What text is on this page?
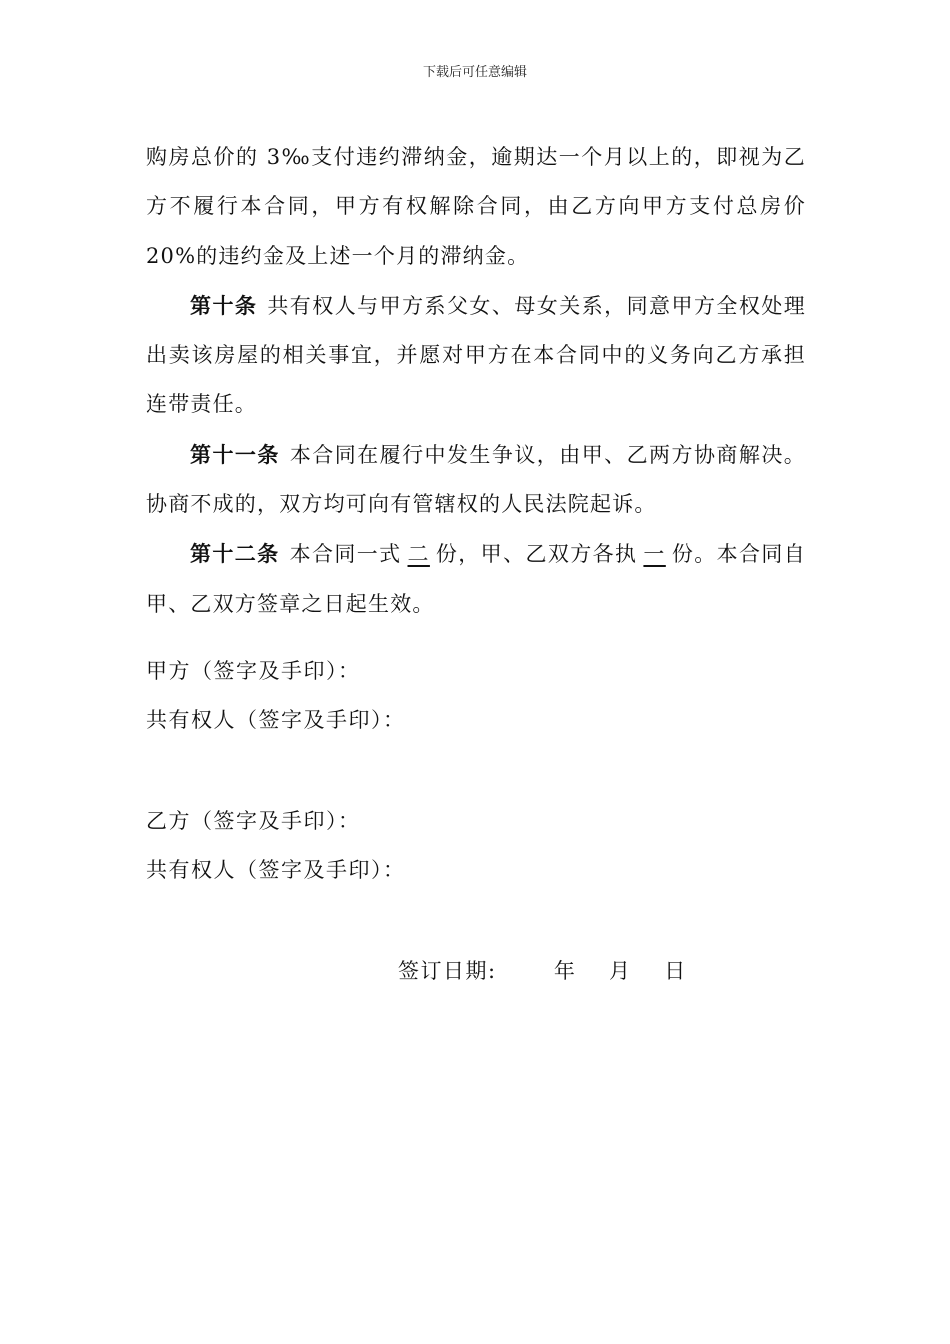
下载后可任意编辑

购房总价的 3‰支付违约滞纳金，逾期达一个月以上的，即视为乙方不履行本合同，甲方有权解除合同，由乙方向甲方支付总房价20%的违约金及上述一个月的滞纳金。

第十条 共有权人与甲方系父女、母女关系，同意甲方全权处理出卖该房屋的相关事宜，并愿对甲方在本合同中的义务向乙方承担连带责任。

第十一条 本合同在履行中发生争议，由甲、乙两方协商解决。协商不成的，双方均可向有管辖权的人民法院起诉。

第十二条 本合同一式 二 份，甲、乙双方各执 一 份。本合同自甲、乙双方签章之日起生效。

甲方（签字及手印）：

共有权人（签字及手印）：

乙方（签字及手印）：

共有权人（签字及手印）：

签订日期:	年 月 日
